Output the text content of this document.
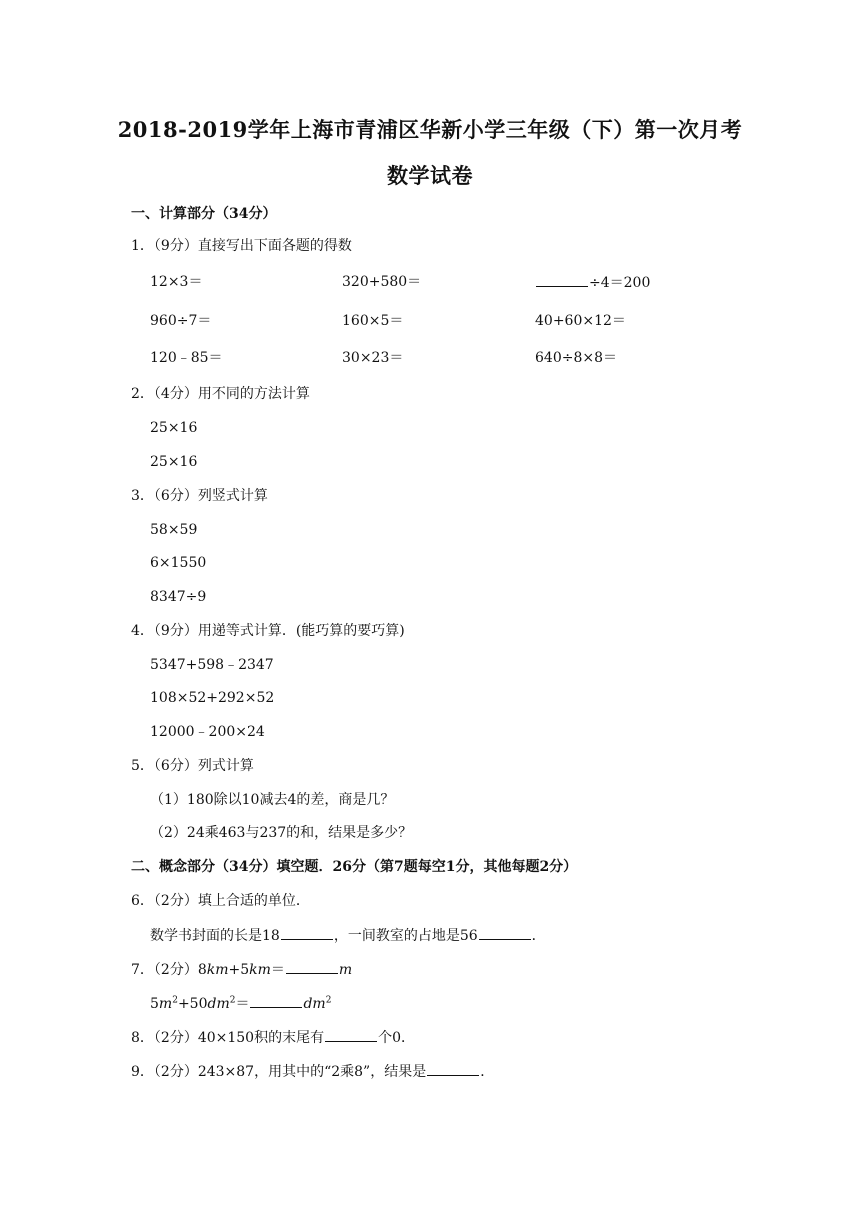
2018-2019学年上海市青浦区华新小学三年级（下）第一次月考
数学试卷
一、计算部分（34分）
1．（9分）直接写出下面各题的得数
12×3＝	320+580＝	÷4＝200
960÷7＝	160×5＝	40+60×12＝
120﹣85＝	30×23＝	640÷8×8＝
2．（4分）用不同的方法计算
25×16
25×16
3．（6分）列竖式计算
58×59
6×1550
8347÷9
4．（9分）用递等式计算．(能巧算的要巧算)
5347+598﹣2347
108×52+292×52
12000﹣200×24
5．（6分）列式计算
（1）180除以10减去4的差，商是几？
（2）24乘463与237的和，结果是多少？
二、概念部分（34分）填空题．26分（第7题每空1分，其他每题2分）
6．（2分）填上合适的单位．
数学书封面的长是18	，一间教室的占地是56	．
7．（2分）8km+5km＝	m
$5m^2+50dm^2=$	$dm^2$
8．（2分）40×150积的末尾有	个0．
9．（2分）243×87，用其中的“2乘8”，结果是	．
